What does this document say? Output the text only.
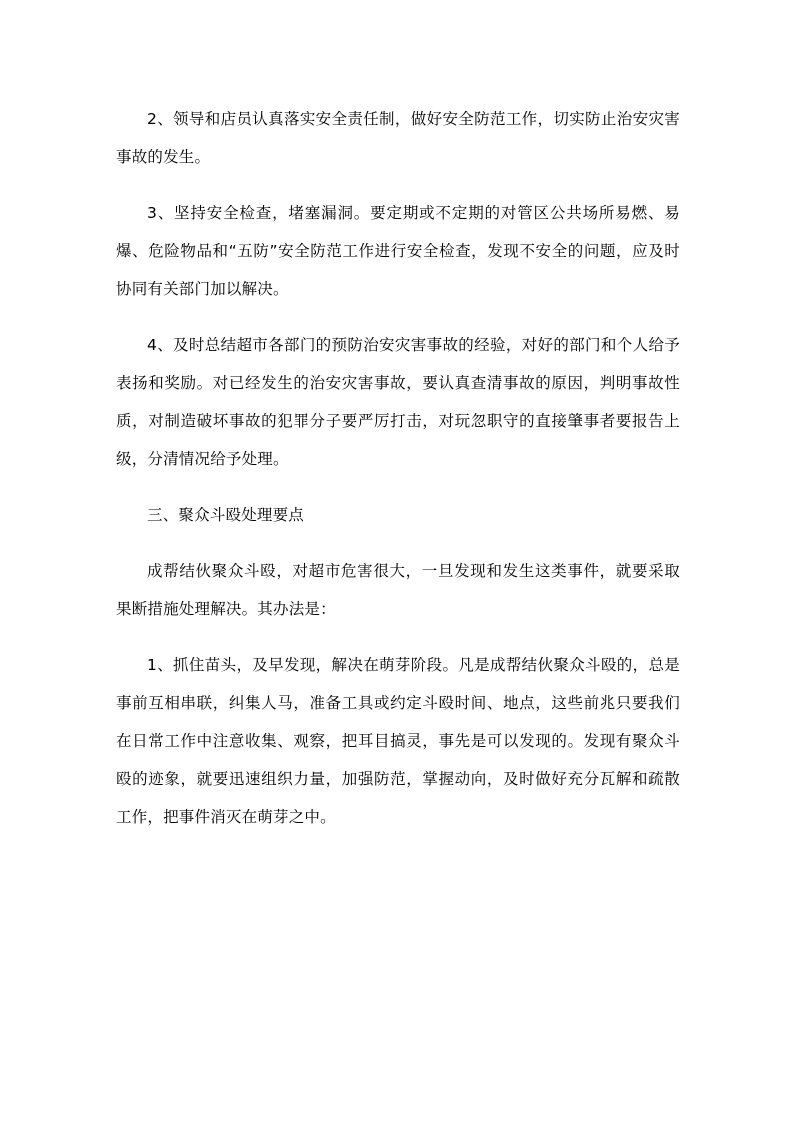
2、领导和店员认真落实安全责任制，做好安全防范工作，切实防止治安灾害事故的发生。

3、坚持安全检查，堵塞漏洞。要定期或不定期的对管区公共场所易燃、易爆、危险物品和“五防”安全防范工作进行安全检查，发现不安全的问题，应及时协同有关部门加以解决。

4、及时总结超市各部门的预防治安灾害事故的经验，对好的部门和个人给予表扬和奖励。对已经发生的治安灾害事故，要认真查清事故的原因，判明事故性质，对制造破坏事故的犯罪分子要严厉打击，对玩忽职守的直接肇事者要报告上级，分清情况给予处理。

三、聚众斗殴处理要点

成帮结伙聚众斗殴，对超市危害很大，一旦发现和发生这类事件，就要采取果断措施处理解决。其办法是：

1、抓住苗头，及早发现，解决在萌芽阶段。凡是成帮结伙聚众斗殴的，总是事前互相串联，纠集人马，准备工具或约定斗殴时间、地点，这些前兆只要我们在日常工作中注意收集、观察，把耳目搞灵，事先是可以发现的。发现有聚众斗殴的迹象，就要迅速组织力量，加强防范，掌握动向，及时做好充分瓦解和疏散工作，把事件消灭在萌芽之中。
